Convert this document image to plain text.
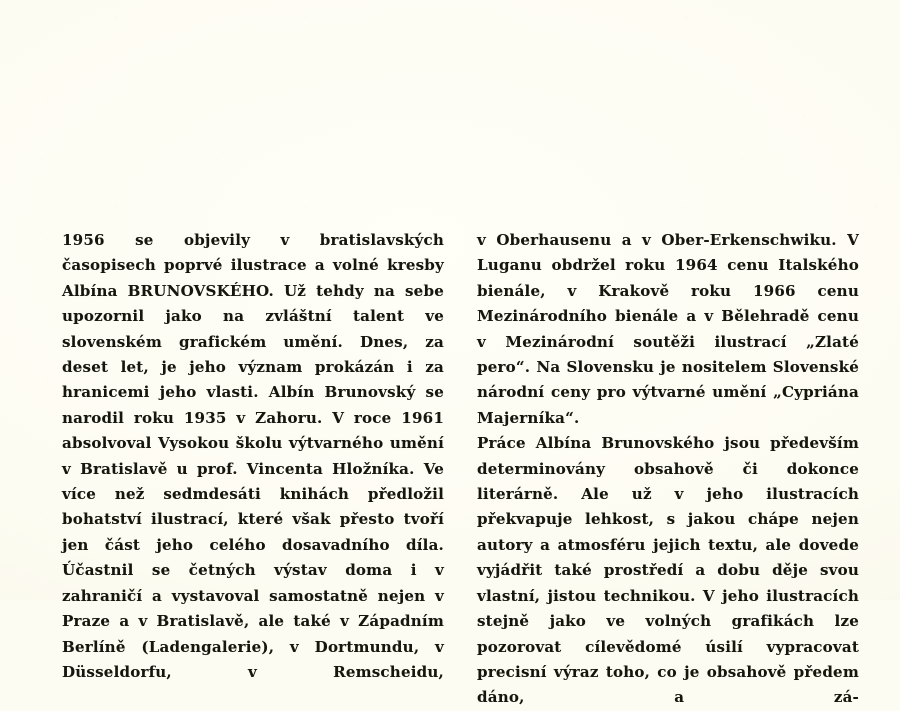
1956 se objevily v bratislavských časopisech poprvé ilustrace a volné kresby Albína BRUNOVSKÉHO. Už tehdy na sebe upozornil jako na zvláštní talent ve slovenském grafickém umění. Dnes, za deset let, je jeho význam prokázán i za hranicemi jeho vlasti. Albín Brunovský se narodil roku 1935 v Zahoru. V roce 1961 absolvoval Vysokou školu výtvarného umění v Bratislavě u prof. Vincenta Hložníka. Ve více než sedmdesáti knihách předložil bohatství ilustrací, které však přesto tvoří jen část jeho celého dosavadního díla. Účastnil se četných výstav doma i v zahraničí a vystavoval samostatně nejen v Praze a v Bratislavě, ale také v Západním Berlíně (Ladengalerie), v Dortmundu, v Düsseldorfu, v Remscheidu,

v Oberhausenu a v Ober-Erkenschwiku. V Luganu obdržel roku 1964 cenu Italského bienále, v Krakově roku 1966 cenu Mezinárodního bienále a v Bělehradě cenu v Mezinárodní soutěži ilustrací „Zlaté pero“. Na Slovensku je nositelem Slovenské národní ceny pro výtvarné umění „Cypriána Majerníka“.

Práce Albína Brunovského jsou především determinovány obsahově či dokonce literárně. Ale už v jeho ilustracích překvapuje lehkost, s jakou chápe nejen autory a atmosféru jejich textu, ale dovede vyjádřit také prostředí a dobu děje svou vlastní, jistou technikou. V jeho ilustracích stejně jako ve volných grafikách lze pozorovat cílevědomé úsilí vypracovat precisní výraz toho, co je obsahově předem dáno, a zá-
